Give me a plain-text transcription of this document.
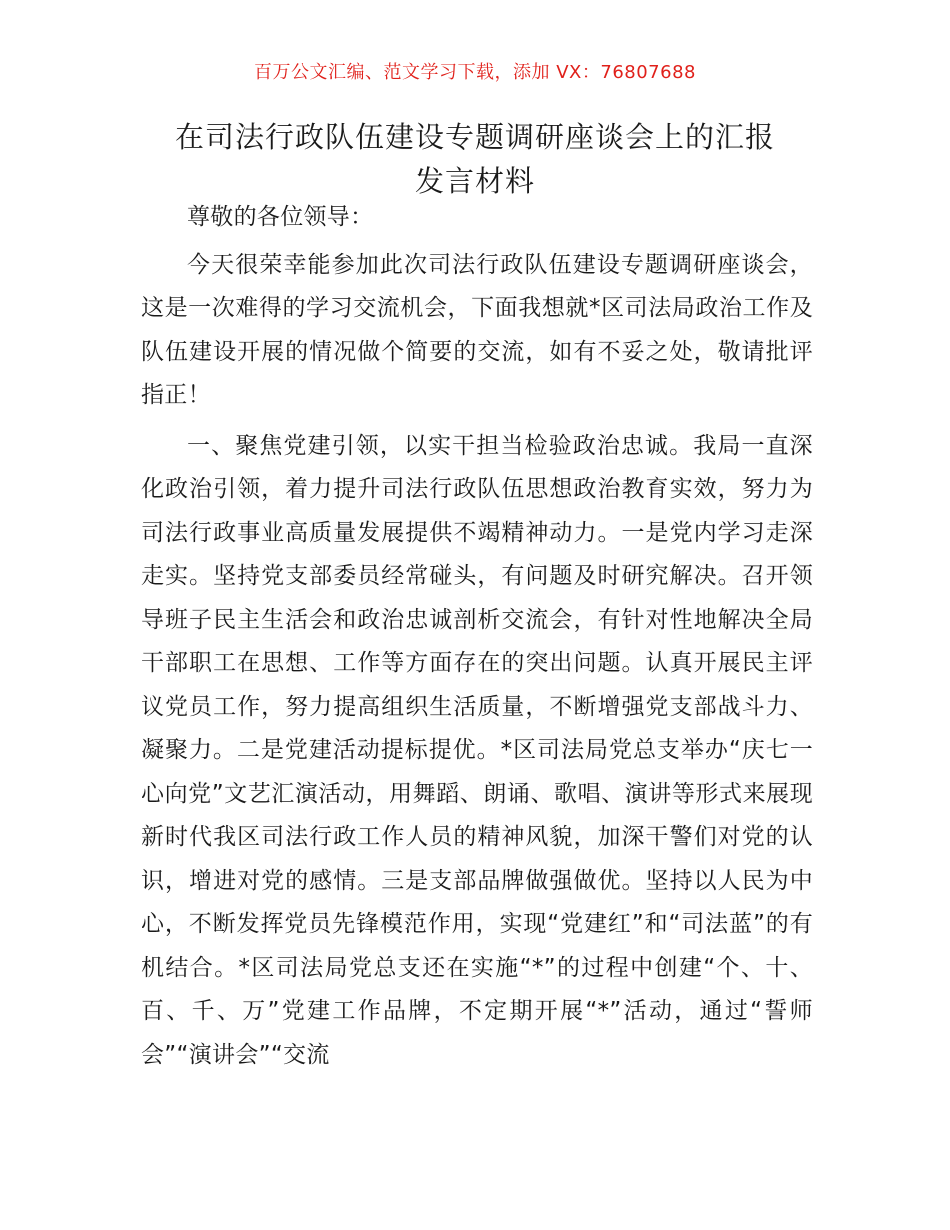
百万公文汇编、范文学习下载，添加 VX：76807688
在司法行政队伍建设专题调研座谈会上的汇报
发言材料

尊敬的各位领导：

今天很荣幸能参加此次司法行政队伍建设专题调研座谈会，这是一次难得的学习交流机会，下面我想就*区司法局政治工作及队伍建设开展的情况做个简要的交流，如有不妥之处，敬请批评指正！

一、聚焦党建引领，以实干担当检验政治忠诚。我局一直深化政治引领，着力提升司法行政队伍思想政治教育实效，努力为司法行政事业高质量发展提供不竭精神动力。一是党内学习走深走实。坚持党支部委员经常碰头，有问题及时研究解决。召开领导班子民主生活会和政治忠诚剖析交流会，有针对性地解决全局干部职工在思想、工作等方面存在的突出问题。认真开展民主评议党员工作，努力提高组织生活质量，不断增强党支部战斗力、凝聚力。二是党建活动提标提优。*区司法局党总支举办“庆七一心向党”文艺汇演活动，用舞蹈、朗诵、歌唱、演讲等形式来展现新时代我区司法行政工作人员的精神风貌，加深干警们对党的认识，增进对党的感情。三是支部品牌做强做优。坚持以人民为中心，不断发挥党员先锋模范作用，实现“党建红”和“司法蓝”的有机结合。*区司法局党总支还在实施“*”的过程中创建“个、十、百、千、万”党建工作品牌，不定期开展“*”活动，通过“誓师会”“演讲会”“交流
